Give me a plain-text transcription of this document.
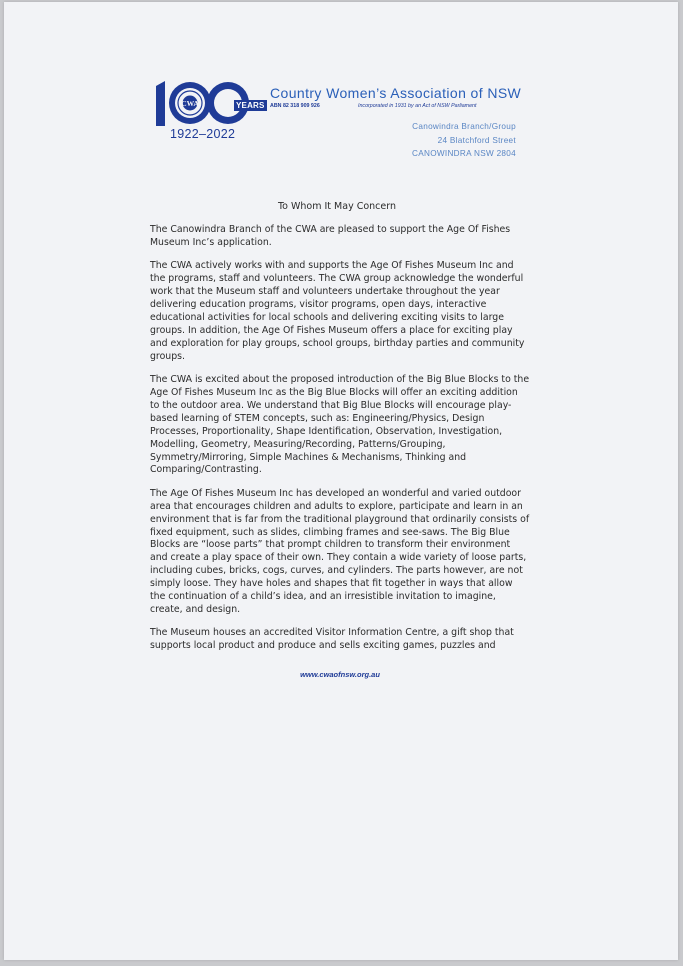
CWA	YEARS
1922–2022
Country Women’s Association of NSW
ABN 82 318 909 926	Incorporated in 1931 by an Act of NSW Parliament
Canowindra Branch/Group
24 Blatchford Street
CANOWINDRA NSW 2804
To Whom It May Concern

The Canowindra Branch of the CWA are pleased to support the Age Of Fishes Museum Inc’s application.

The CWA actively works with and supports the Age Of Fishes Museum Inc and the programs, staff and volunteers. The CWA group acknowledge the wonderful work that the Museum staff and volunteers undertake throughout the year delivering education programs, visitor programs, open days, interactive educational activities for local schools and delivering exciting visits to large groups. In addition, the Age Of Fishes Museum offers a place for exciting play and exploration for play groups, school groups, birthday parties and community groups.

The CWA is excited about the proposed introduction of the Big Blue Blocks to the Age Of Fishes Museum Inc as the Big Blue Blocks will offer an exciting addition to the outdoor area. We understand that Big Blue Blocks will encourage play-based learning of STEM concepts, such as: Engineering/Physics, Design Processes, Proportionality, Shape Identification, Observation, Investigation, Modelling, Geometry, Measuring/Recording, Patterns/Grouping, Symmetry/Mirroring, Simple Machines & Mechanisms, Thinking and Comparing/Contrasting.

The Age Of Fishes Museum Inc has developed an wonderful and varied outdoor area that encourages children and adults to explore, participate and learn in an environment that is far from the traditional playground that ordinarily consists of fixed equipment, such as slides, climbing frames and see-saws. The Big Blue Blocks are “loose parts” that prompt children to transform their environment and create a play space of their own. They contain a wide variety of loose parts, including cubes, bricks, cogs, curves, and cylinders. The parts however, are not simply loose. They have holes and shapes that fit together in ways that allow the continuation of a child’s idea, and an irresistible invitation to imagine, create, and design.

The Museum houses an accredited Visitor Information Centre, a gift shop that supports local product and produce and sells exciting games, puzzles and

www.cwaofnsw.org.au
